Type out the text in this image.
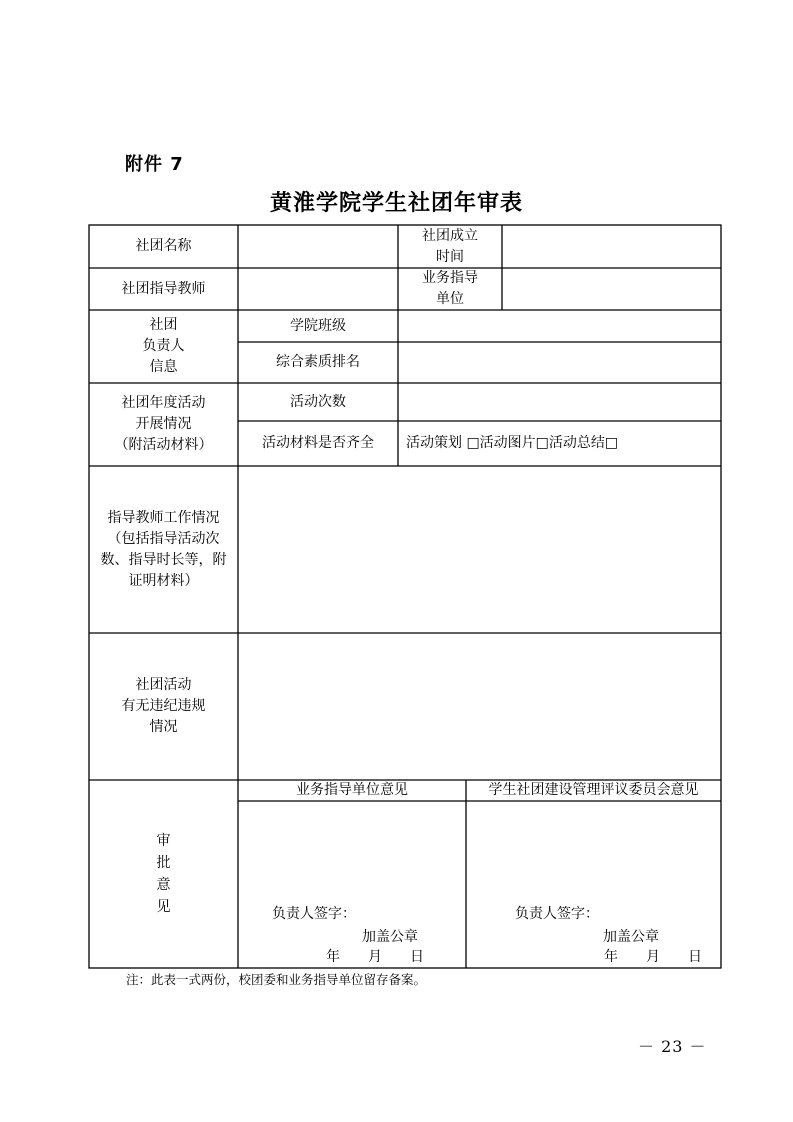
附件 7
黄淮学院学生社团年审表
社团名称
社团成立
时间
社团指导教师
业务指导
单位
社团
负责人
信息
学院班级
综合素质排名
社团年度活动
开展情况
（附活动材料）
活动次数
活动材料是否齐全	活动策划 □活动图片□活动总结□
指导教师工作情况
（包括指导活动次
数、指导时长等，附
证明材料）
社团活动
有无违纪违规
情况
审
批
意
见
业务指导单位意见	学生社团建设管理评议委员会意见
负责人签字：
加盖公章
年　　月　　日
负责人签字：
加盖公章
年　　月　　日
注：此表一式两份，校团委和业务指导单位留存备案。
－ 23 －
